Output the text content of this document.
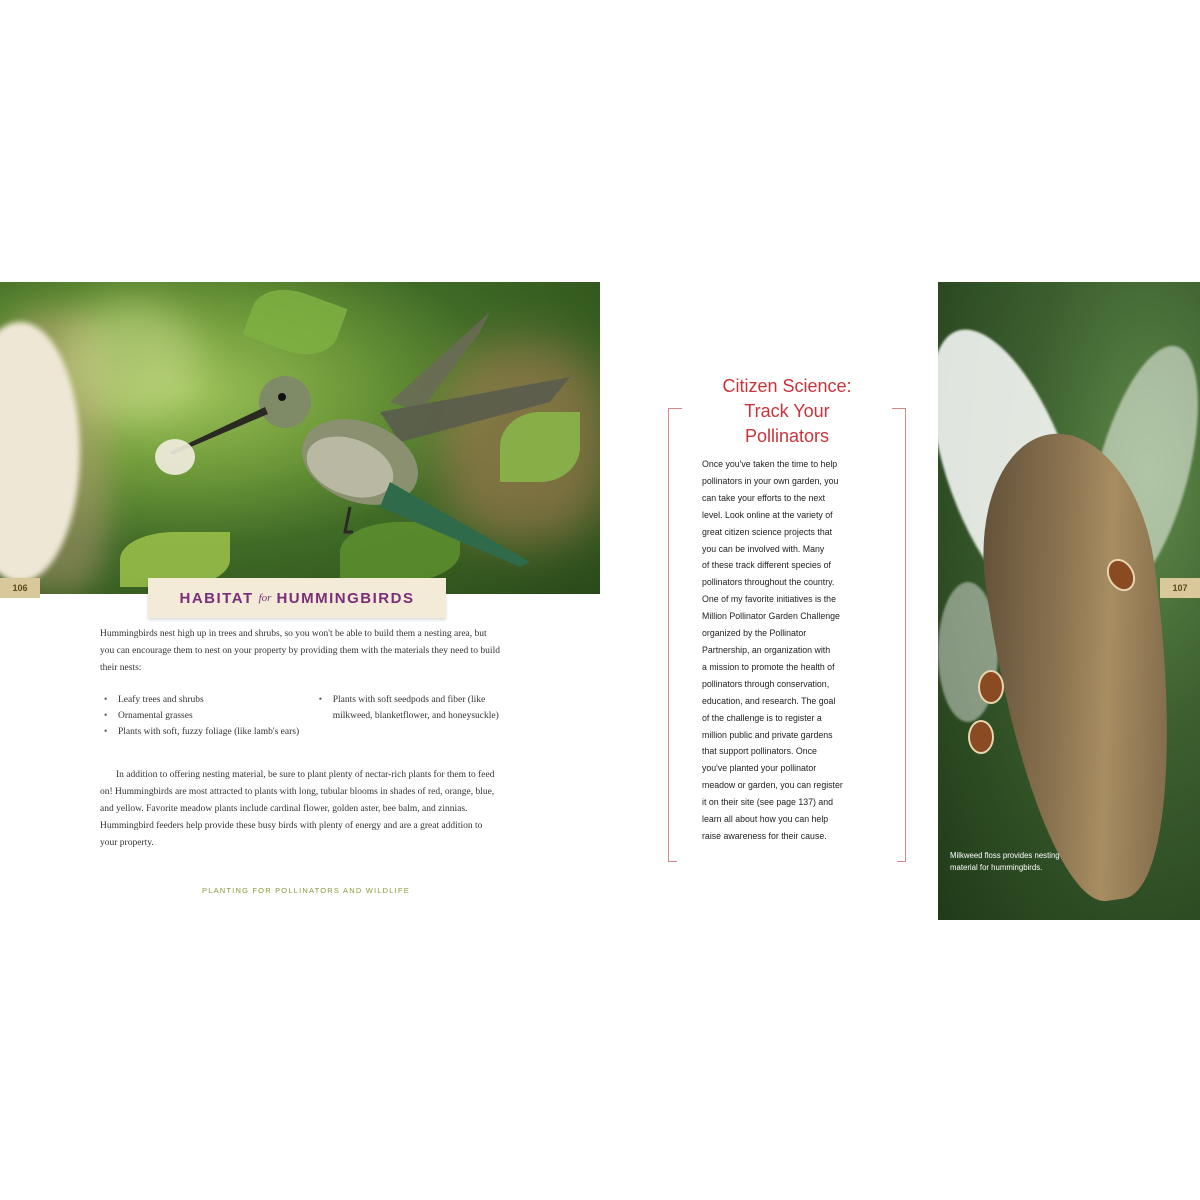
106
HABITAT for HUMMINGBIRDS
Hummingbirds nest high up in trees and shrubs, so you won't be able to build them a nesting area, but you can encourage them to nest on your property by providing them with the materials they need to build their nests:
• Leafy trees and shrubs
• Ornamental grasses
• Plants with soft, fuzzy foliage (like lamb's ears)
• Plants with soft seedpods and fiber (like milkweed, blanketflower, and honeysuckle)
In addition to offering nesting material, be sure to plant plenty of nectar-rich plants for them to feed on! Hummingbirds are most attracted to plants with long, tubular blooms in shades of red, orange, blue, and yellow. Favorite meadow plants include cardinal flower, golden aster, bee balm, and zinnias. Hummingbird feeders help provide these busy birds with plenty of energy and are a great addition to your property.
PLANTING FOR POLLINATORS AND WILDLIFE
Citizen Science:
Track Your
Pollinators
Once you've taken the time to help
pollinators in your own garden, you
can take your efforts to the next
level. Look online at the variety of
great citizen science projects that
you can be involved with. Many
of these track different species of
pollinators throughout the country.
One of my favorite initiatives is the
Million Pollinator Garden Challenge
organized by the Pollinator
Partnership, an organization with
a mission to promote the health of
pollinators through conservation,
education, and research. The goal
of the challenge is to register a
million public and private gardens
that support pollinators. Once
you've planted your pollinator
meadow or garden, you can register
it on their site (see page 137) and
learn all about how you can help
raise awareness for their cause.
107
Milkweed floss provides nesting material for hummingbirds.
